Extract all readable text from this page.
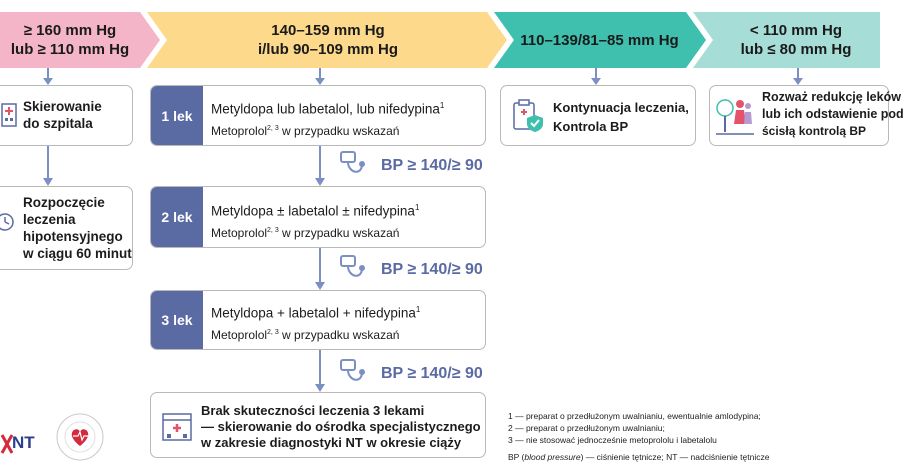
≥ 160 mm Hg
lub ≥ 110 mm Hg
140–159 mm Hg
i/lub 90–109 mm Hg
110–139/81–85 mm Hg
< 110 mm Hg
lub ≤ 80 mm Hg
Skierowanie
do szpitala
Rozpoczęcie
leczenia
hipotensyjnego
w ciągu 60 minut
1 lek	Metyldopa lub labetalol, lub nifedypina$^1$
Metoprolol$^{2, 3}$ w przypadku wskazań
2 lek	Metyldopa ± labetalol ± nifedypina$^1$
Metoprolol$^{2, 3}$ w przypadku wskazań
3 lek	Metyldopa + labetalol + nifedypina$^1$
Metoprolol$^{2, 3}$ w przypadku wskazań
BP ≥ 140/≥ 90
BP ≥ 140/≥ 90
BP ≥ 140/≥ 90
Brak skuteczności leczenia 3 lekami
— skierowanie do ośrodka specjalistycznego
w zakresie diagnostyki NT w okresie ciąży
Kontynuacja leczenia,
Kontrola BP
Rozważ redukcję leków
lub ich odstawienie pod
ścisłą kontrolą BP
1 — preparat o przedłużonym uwalnianiu, ewentualnie amlodypina;
2 — preparat o przedłużonym uwalnianiu;
3 — nie stosować jednocześnie metoprololu i labetalolu
BP (blood pressure) — ciśnienie tętnicze; NT — nadciśnienie tętnicze
NT
